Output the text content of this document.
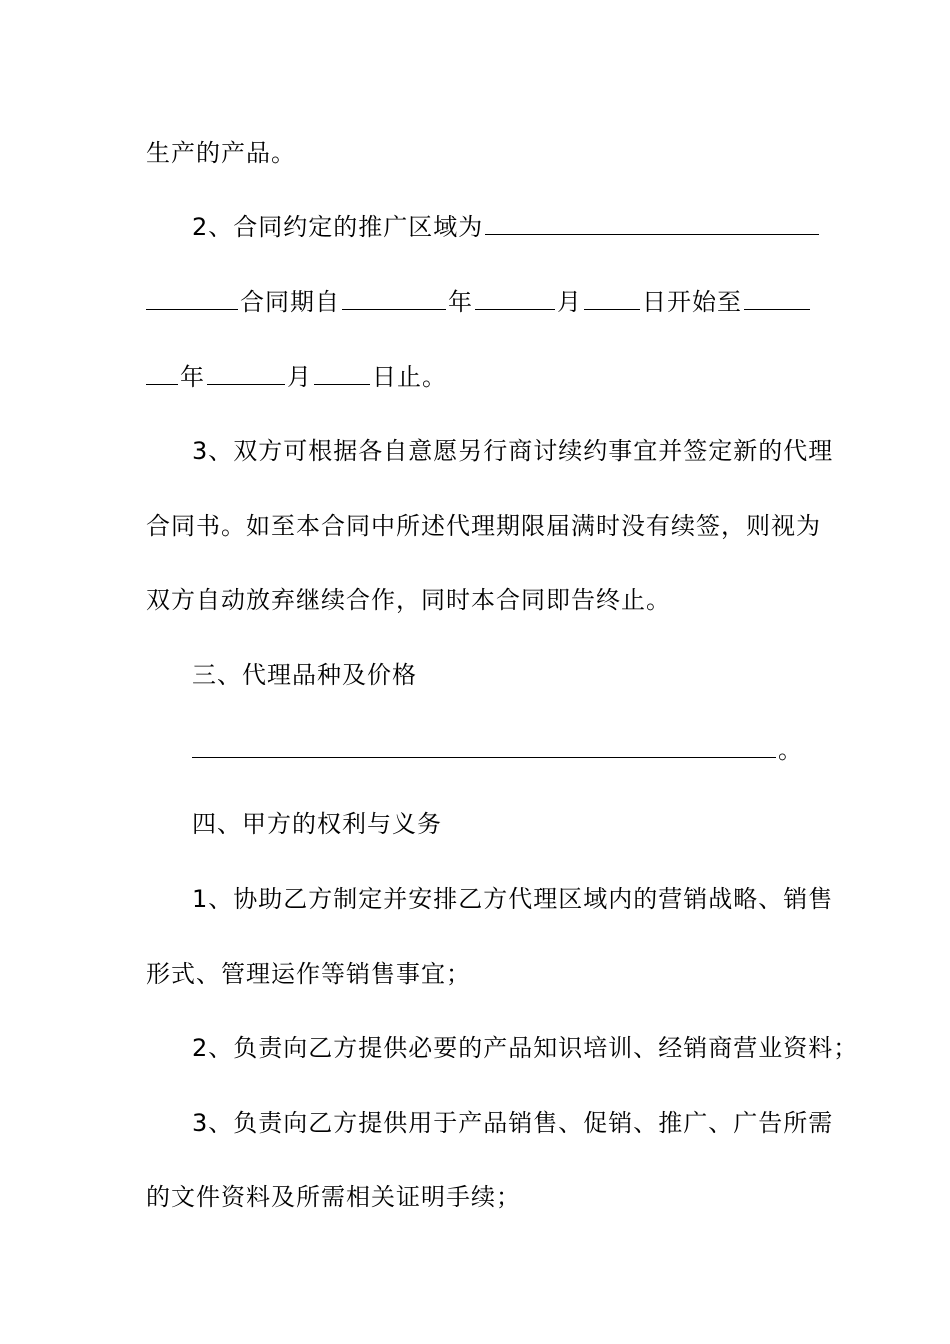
生产的产品。
2、合同约定的推广区域为
合同期自	年	月	日开始至
年	月	日止。
3、双方可根据各自意愿另行商讨续约事宜并签定新的代理
合同书。如至本合同中所述代理期限届满时没有续签，则视为
双方自动放弃继续合作，同时本合同即告终止。
三、代理品种及价格
。
四、甲方的权利与义务
1、协助乙方制定并安排乙方代理区域内的营销战略、销售
形式、管理运作等销售事宜；
2、负责向乙方提供必要的产品知识培训、经销商营业资料；
3、负责向乙方提供用于产品销售、促销、推广、广告所需
的文件资料及所需相关证明手续；
